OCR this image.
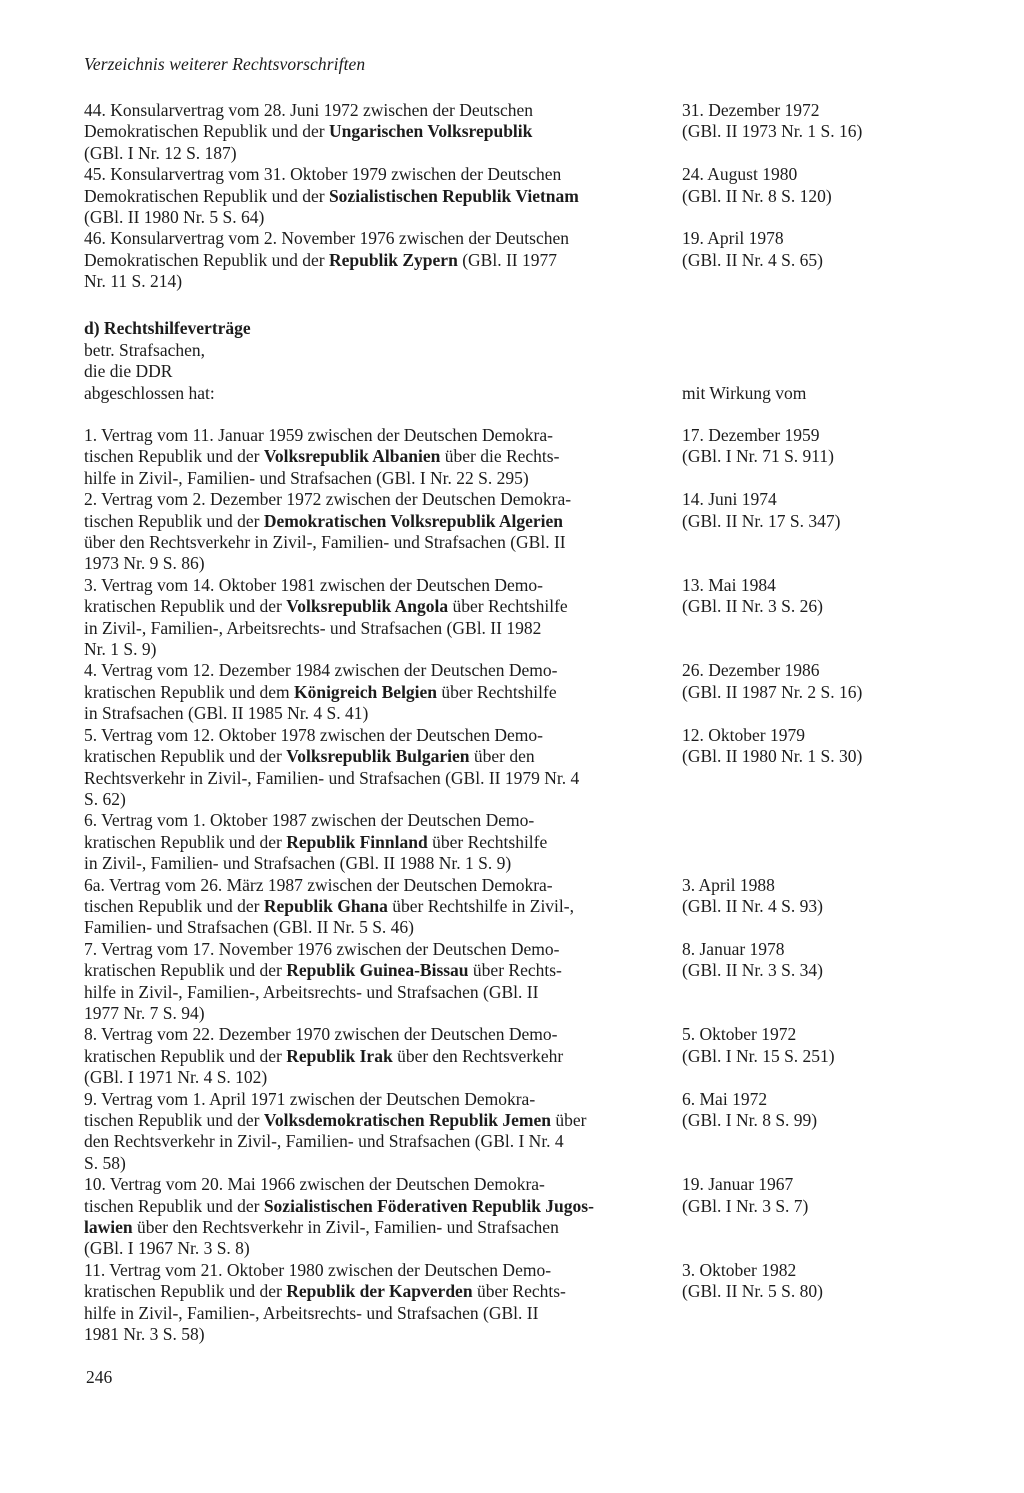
Verzeichnis weiterer Rechtsvorschriften
44. Konsularvertrag vom 28. Juni 1972 zwischen der Deutschen
Demokratischen Republik und der Ungarischen Volksrepublik
(GBl. I Nr. 12 S. 187)
31. Dezember 1972
(GBl. II 1973 Nr. 1 S. 16)
45. Konsularvertrag vom 31. Oktober 1979 zwischen der Deutschen
Demokratischen Republik und der Sozialistischen Republik Vietnam
(GBl. II 1980 Nr. 5 S. 64)
24. August 1980
(GBl. II Nr. 8 S. 120)
46. Konsularvertrag vom 2. November 1976 zwischen der Deutschen
Demokratischen Republik und der Republik Zypern (GBl. II 1977
Nr. 11 S. 214)
19. April 1978
(GBl. II Nr. 4 S. 65)
d) Rechtshilfeverträge
betr. Strafsachen,
die die DDR
abgeschlossen hat:	mit Wirkung vom
1. Vertrag vom 11. Januar 1959 zwischen der Deutschen Demokra-
tischen Republik und der Volksrepublik Albanien über die Rechts-
hilfe in Zivil-, Familien- und Strafsachen (GBl. I Nr. 22 S. 295)
17. Dezember 1959
(GBl. I Nr. 71 S. 911)
2. Vertrag vom 2. Dezember 1972 zwischen der Deutschen Demokra-
tischen Republik und der Demokratischen Volksrepublik Algerien
über den Rechtsverkehr in Zivil-, Familien- und Strafsachen (GBl. II
1973 Nr. 9 S. 86)
14. Juni 1974
(GBl. II Nr. 17 S. 347)
3. Vertrag vom 14. Oktober 1981 zwischen der Deutschen Demo-
kratischen Republik und der Volksrepublik Angola über Rechtshilfe
in Zivil-, Familien-, Arbeitsrechts- und Strafsachen (GBl. II 1982
Nr. 1 S. 9)
13. Mai 1984
(GBl. II Nr. 3 S. 26)
4. Vertrag vom 12. Dezember 1984 zwischen der Deutschen Demo-
kratischen Republik und dem Königreich Belgien über Rechtshilfe
in Strafsachen (GBl. II 1985 Nr. 4 S. 41)
26. Dezember 1986
(GBl. II 1987 Nr. 2 S. 16)
5. Vertrag vom 12. Oktober 1978 zwischen der Deutschen Demo-
kratischen Republik und der Volksrepublik Bulgarien über den
Rechtsverkehr in Zivil-, Familien- und Strafsachen (GBl. II 1979 Nr. 4
S. 62)
12. Oktober 1979
(GBl. II 1980 Nr. 1 S. 30)
6. Vertrag vom 1. Oktober 1987 zwischen der Deutschen Demo-
kratischen Republik und der Republik Finnland über Rechtshilfe
in Zivil-, Familien- und Strafsachen (GBl. II 1988 Nr. 1 S. 9)
6a. Vertrag vom 26. März 1987 zwischen der Deutschen Demokra-
tischen Republik und der Republik Ghana über Rechtshilfe in Zivil-,
Familien- und Strafsachen (GBl. II Nr. 5 S. 46)
3. April 1988
(GBl. II Nr. 4 S. 93)
7. Vertrag vom 17. November 1976 zwischen der Deutschen Demo-
kratischen Republik und der Republik Guinea-Bissau über Rechts-
hilfe in Zivil-, Familien-, Arbeitsrechts- und Strafsachen (GBl. II
1977 Nr. 7 S. 94)
8. Januar 1978
(GBl. II Nr. 3 S. 34)
8. Vertrag vom 22. Dezember 1970 zwischen der Deutschen Demo-
kratischen Republik und der Republik Irak über den Rechtsverkehr
(GBl. I 1971 Nr. 4 S. 102)
5. Oktober 1972
(GBl. I Nr. 15 S. 251)
9. Vertrag vom 1. April 1971 zwischen der Deutschen Demokra-
tischen Republik und der Volksdemokratischen Republik Jemen über
den Rechtsverkehr in Zivil-, Familien- und Strafsachen (GBl. I Nr. 4
S. 58)
6. Mai 1972
(GBl. I Nr. 8 S. 99)
10. Vertrag vom 20. Mai 1966 zwischen der Deutschen Demokra-
tischen Republik und der Sozialistischen Föderativen Republik Jugos-
lawien über den Rechtsverkehr in Zivil-, Familien- und Strafsachen
(GBl. I 1967 Nr. 3 S. 8)
19. Januar 1967
(GBl. I Nr. 3 S. 7)
11. Vertrag vom 21. Oktober 1980 zwischen der Deutschen Demo-
kratischen Republik und der Republik der Kapverden über Rechts-
hilfe in Zivil-, Familien-, Arbeitsrechts- und Strafsachen (GBl. II
1981 Nr. 3 S. 58)
3. Oktober 1982
(GBl. II Nr. 5 S. 80)
246
